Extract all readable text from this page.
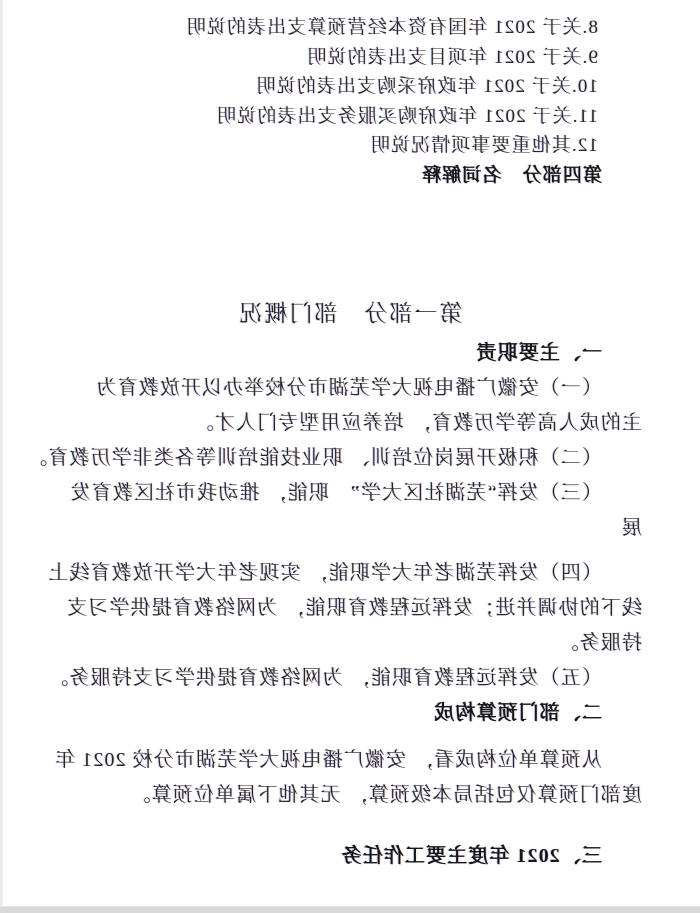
8.关于 2021 年国有资本经营预算支出表的说明
9.关于 2021 年项目支出表的说明
10.关于 2021 年政府采购支出表的说明
11.关于 2021 年政府购买服务支出表的说明
12.其他重要事项情况说明
第四部分　名词解释
第一部分　部门概况
一、主要职责
（一）安徽广播电视大学芜湖市分校举办以开放教育为
主的成人高等学历教育， 培养应用型专门人才。
（二）积极开展岗位培训、 职业技能培训等各类非学历教育。
（三）发挥“芜湖社区大学”　职能， 推动我市社区教育发
展
（四）发挥芜湖老年大学职能， 实现老年大学开放教育线上
线下的协调并进；发挥远程教育职能， 为网络教育提供学习支
持服务。
（五）发挥远程教育职能， 为网络教育提供学习支持服务。
二、部门预算构成
从预算单位构成看， 安徽广播电视大学芜湖市分校 2021 年
度部门预算仅包括局本级预算， 无其他下属单位预算。
三、2021 年度主要工作任务
